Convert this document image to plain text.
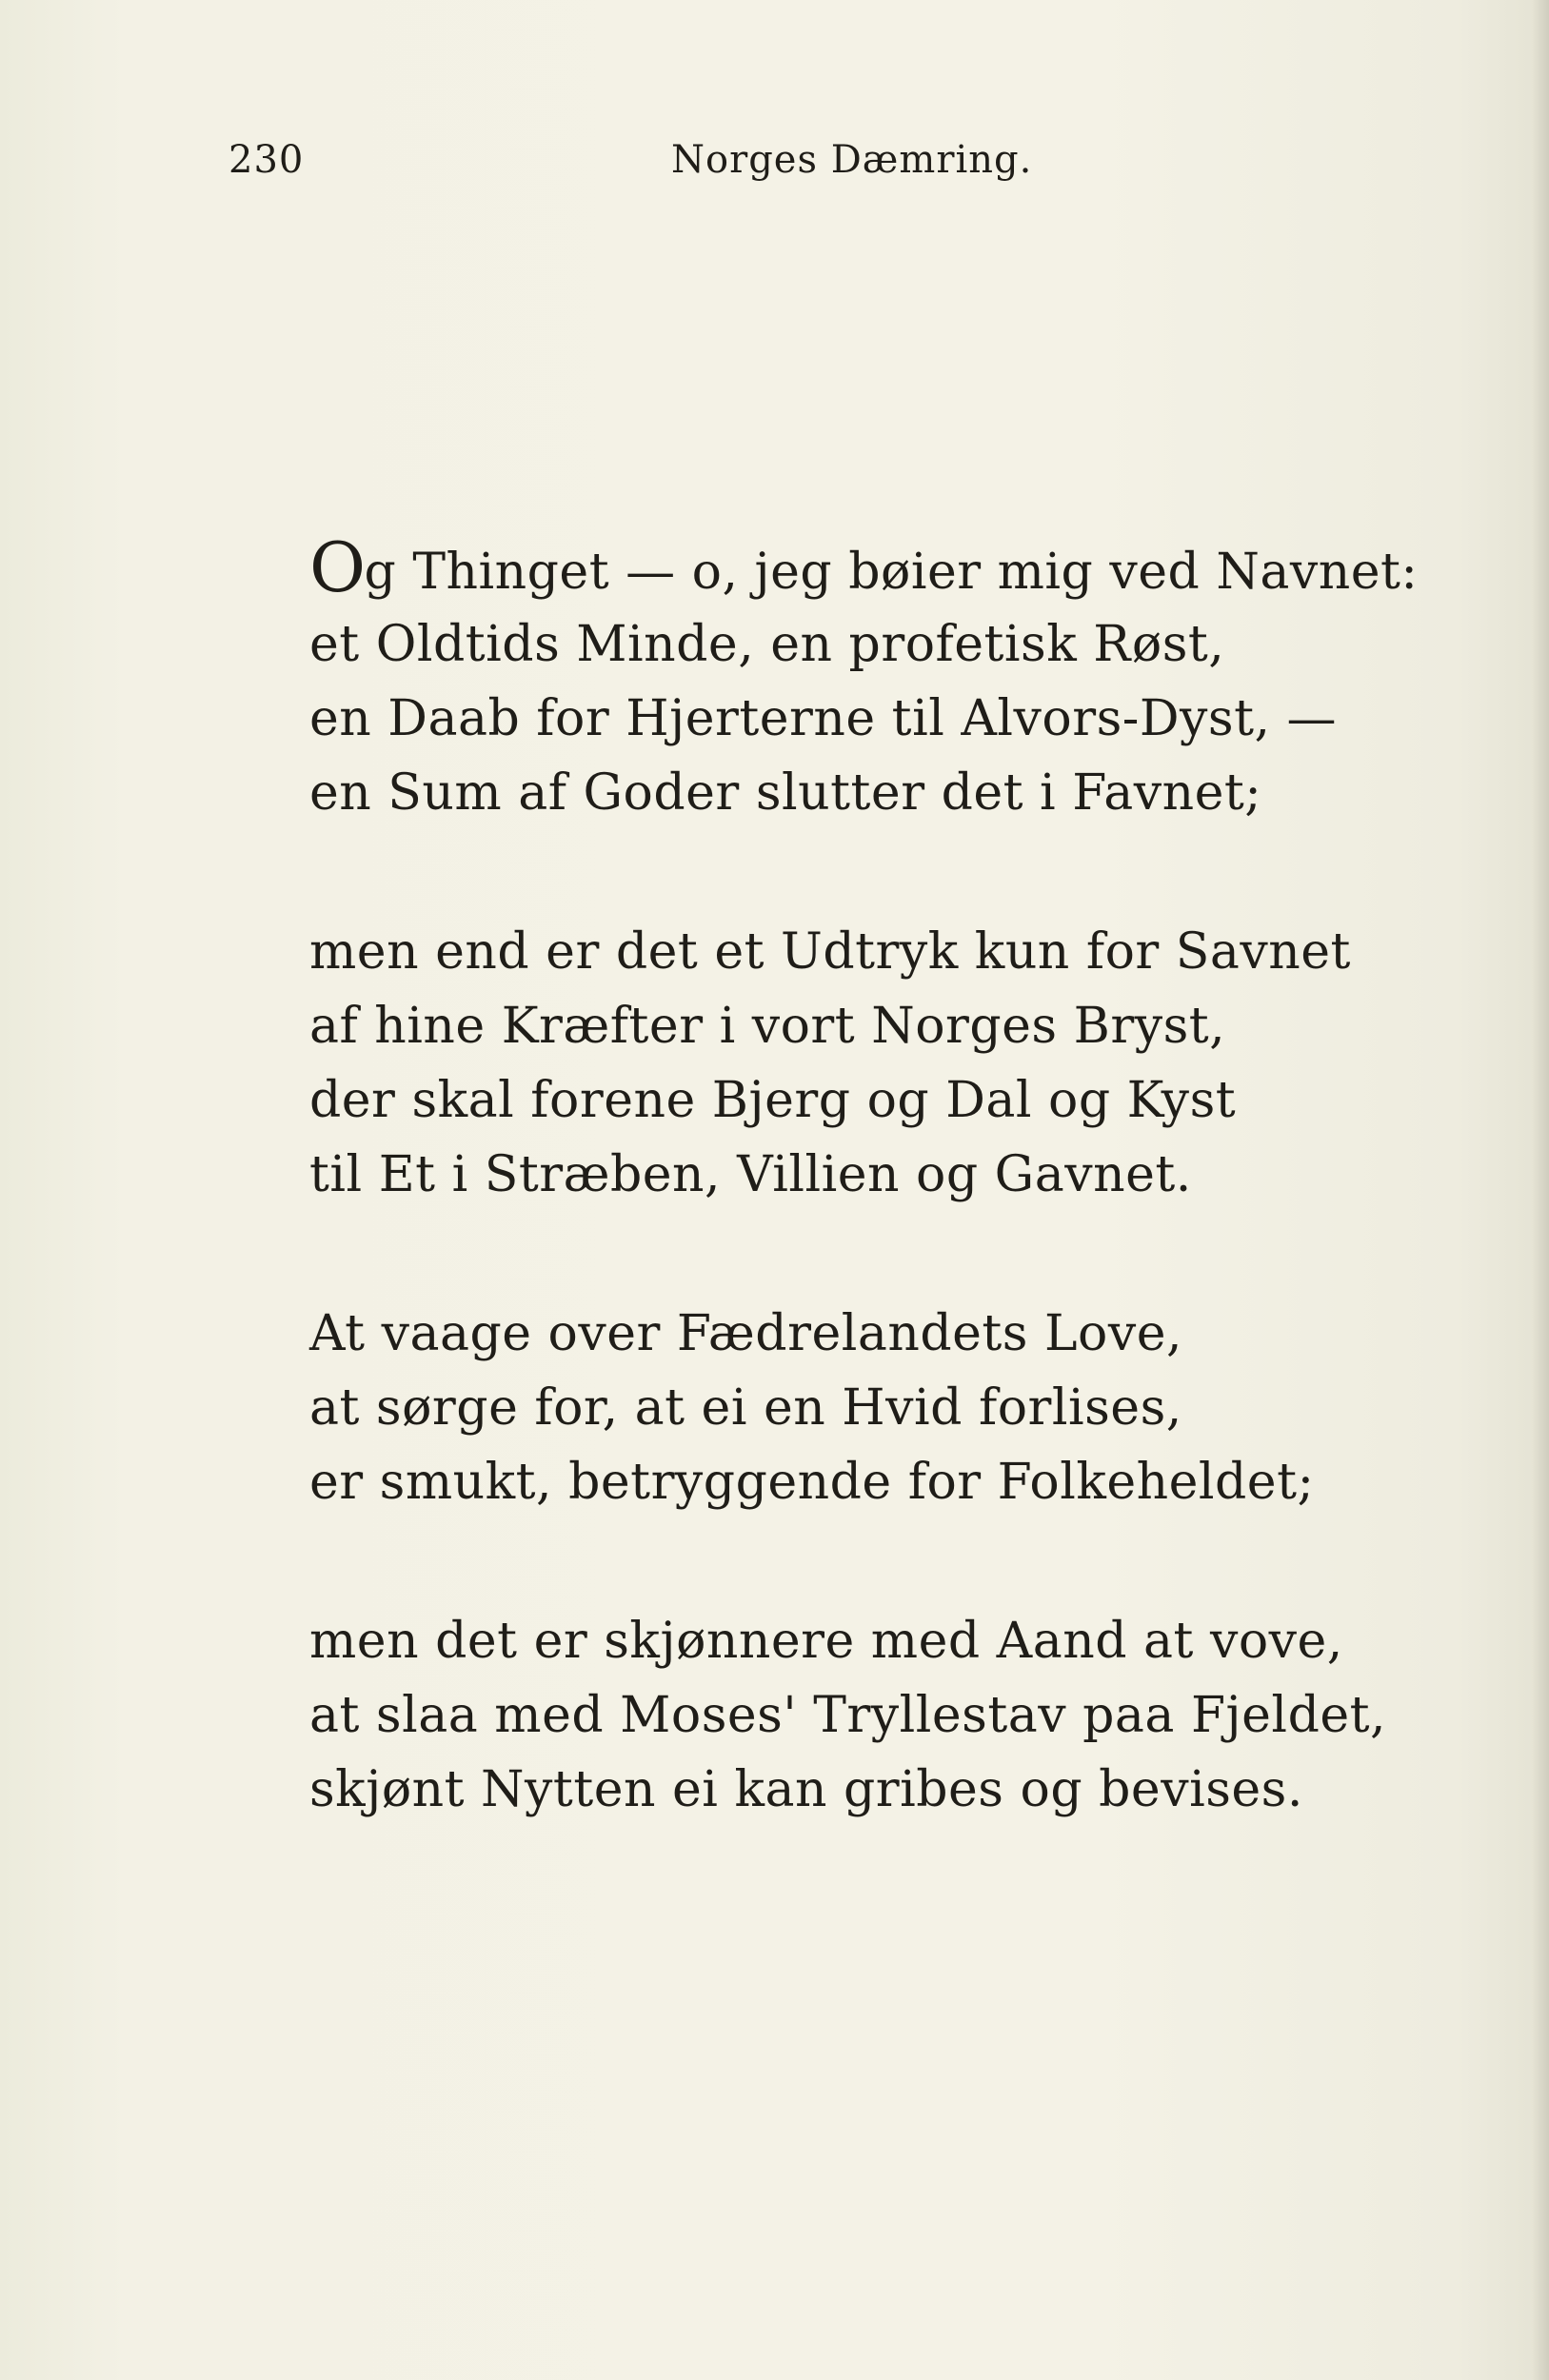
230	Norges Dæmring.
Og Thinget — o, jeg bøier mig ved Navnet:
et Oldtids Minde, en profetisk Røst,
en Daab for Hjerterne til Alvors-Dyst, —
en Sum af Goder slutter det i Favnet;
men end er det et Udtryk kun for Savnet
af hine Kræfter i vort Norges Bryst,
der skal forene Bjerg og Dal og Kyst
til Et i Stræben, Villien og Gavnet.
At vaage over Fædrelandets Love,
at sørge for, at ei en Hvid forlises,
er smukt, betryggende for Folkeheldet;
men det er skjønnere med Aand at vove,
at slaa med Moses' Tryllestav paa Fjeldet,
skjønt Nytten ei kan gribes og bevises.
